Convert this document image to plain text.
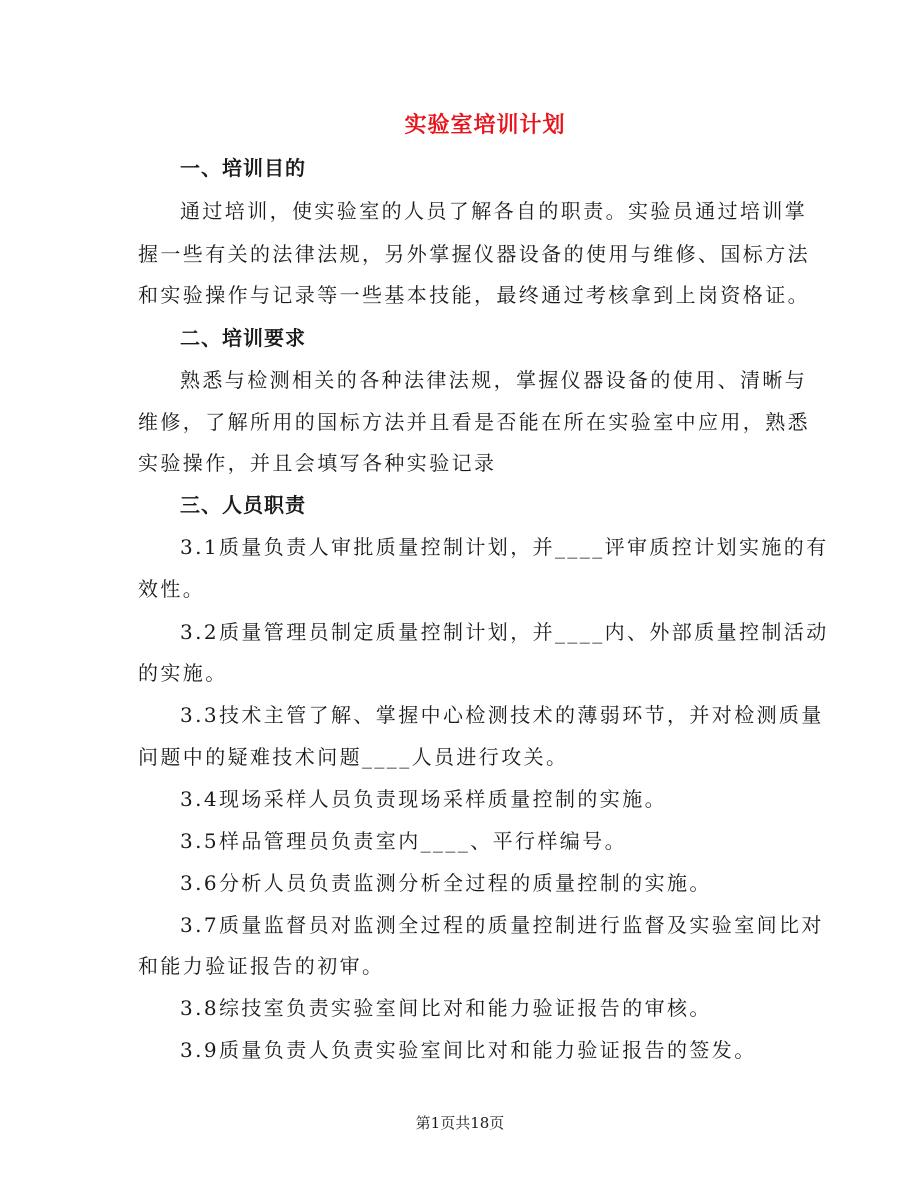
实验室培训计划
一、培训目的
通过培训，使实验室的人员了解各自的职责。实验员通过培训掌
握一些有关的法律法规，另外掌握仪器设备的使用与维修、国标方法
和实验操作与记录等一些基本技能，最终通过考核拿到上岗资格证。
二、培训要求
熟悉与检测相关的各种法律法规，掌握仪器设备的使用、清晰与
维修，了解所用的国标方法并且看是否能在所在实验室中应用，熟悉
实验操作，并且会填写各种实验记录
三、人员职责
3.1质量负责人审批质量控制计划，并____评审质控计划实施的有
效性。
3.2质量管理员制定质量控制计划，并____内、外部质量控制活动
的实施。
3.3技术主管了解、掌握中心检测技术的薄弱环节，并对检测质量
问题中的疑难技术问题____人员进行攻关。
3.4现场采样人员负责现场采样质量控制的实施。
3.5样品管理员负责室内____、平行样编号。
3.6分析人员负责监测分析全过程的质量控制的实施。
3.7质量监督员对监测全过程的质量控制进行监督及实验室间比对
和能力验证报告的初审。
3.8综技室负责实验室间比对和能力验证报告的审核。
3.9质量负责人负责实验室间比对和能力验证报告的签发。
第1页共18页
